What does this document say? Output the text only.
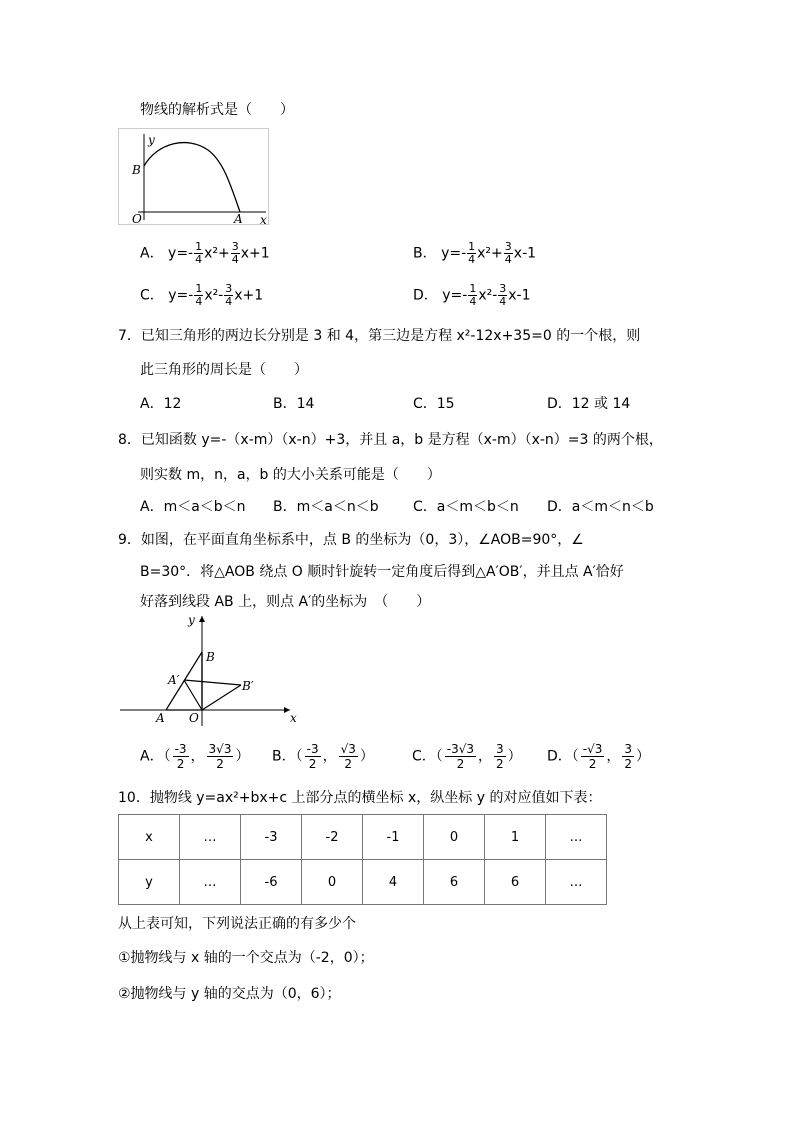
物线的解析式是（　　）
y
B
O	A x
A． $y=- \frac{1}{4} x^2+ \frac{3}{4} x+1$	B． $y=- \frac{1}{4} x^2+ \frac{3}{4} x-1$
C． $y=- \frac{1}{4} x^2- \frac{3}{4} x+1$	D． $y=- \frac{1}{4} x^2- \frac{3}{4} x-1$
7．‌已知三角形的两边长分别是 3 和 4，第三边是方程 x²-12x+35=0 的一个根，则
此三角形的周长是（　　）
A．12	B．14	C．15	D．12 或 14
8．已知函数 y=-（x-m）（x-n）+3，并且 a，b 是方程（x-m）（x-n）=3 的两个根，
则实数 m，n，a，b 的大小关系可能是（　　）
A．m＜a＜b＜n B．m＜a＜n＜b C．a＜m＜b＜n D．a＜m＜n＜b
9．如图，在平面直角坐标系中，点 B 的坐标为（0，3），∠AOB=90°，∠
B=30°．将△AOB 绕点 O 顺时针旋转一定角度后得到△A′OB′，并且点 A′恰好
好落到线段 AB 上，则点 A′的坐标为　（　　）
y
B
A′	B′
A O	x
A．（ $\frac{-3}{2}$ ， $\frac{3√3}{2}$ ） B．（ $\frac{-3}{2}$ ， $\frac{√3}{2}$ ）	C．（ $\frac{-3√3}{2}$ ， $\frac{3}{2}$ ） D．（ $\frac{-√3}{2}$ ， $\frac{3}{2}$ ）
10．抛物线 y=ax²+bx+c 上部分点的横坐标 x，纵坐标 y 的对应值如下表：
x	…	-3	-2	-1	0	1	…
y	…	-6	0	4	6	6	…
从上表可知，下列说法正确的有多少个
①抛物线与 x 轴的一个交点为（-2，0）；
②抛物线与 y 轴的交点为（0，6）；
